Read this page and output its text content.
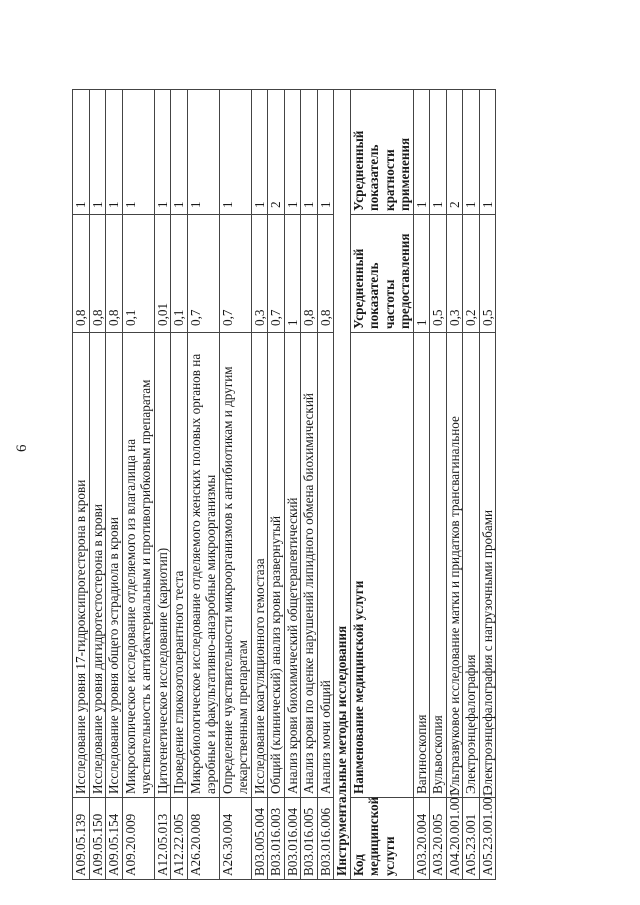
6
A09.05.139	Исследование уровня 17-гидроксипрогестерона в крови	0,8	1
A09.05.150	Исследование уровня дигидротестостерона в крови	0,8	1
A09.05.154	Исследование уровня общего эстрадиола в крови	0,8	1
A09.20.009	Микроскопическое исследование отделяемого из влагалища на чувствительность к антибактериальным и противогрибковым препаратам	0,1	1
A12.05.013	Цитогенетическое исследование (кариотип)	0,01	1
A12.22.005	Проведение глюкозотолерантного теста	0,1	1
A26.20.008	Микробиологическое исследование отделяемого женских половых органов на аэробные и факультативно-анаэробные микроорганизмы	0,7	1
A26.30.004	Определение чувствительности микроорганизмов к антибиотикам и другим лекарственным препаратам	0,7	1
B03.005.004	Исследование коагуляционного гемостаза	0,3	1
B03.016.003	Общий (клинический) анализ крови развернутый	0,7	2
B03.016.004	Анализ крови биохимический общетерапевтический	1	1
B03.016.005	Анализ крови по оценке нарушений липидного обмена биохимический	0,8	1
B03.016.006	Анализ мочи общий	0,8	1
Инструментальные методы исследования			
Код медицинской услуги	Наименование медицинской услуги	Усредненный показатель частоты предоставления	Усредненный показатель кратности применения
A03.20.004	Вагиноскопия	1	1
A03.20.005	Вульвоскопия	0,5	1
A04.20.001.001	Ультразвуковое исследование матки и придатков трансвагинальное	0,3	2
A05.23.001	Электроэнцефалография	0,2	1
A05.23.001.001	Электроэнцефалография с нагрузочными пробами	0,5	1
